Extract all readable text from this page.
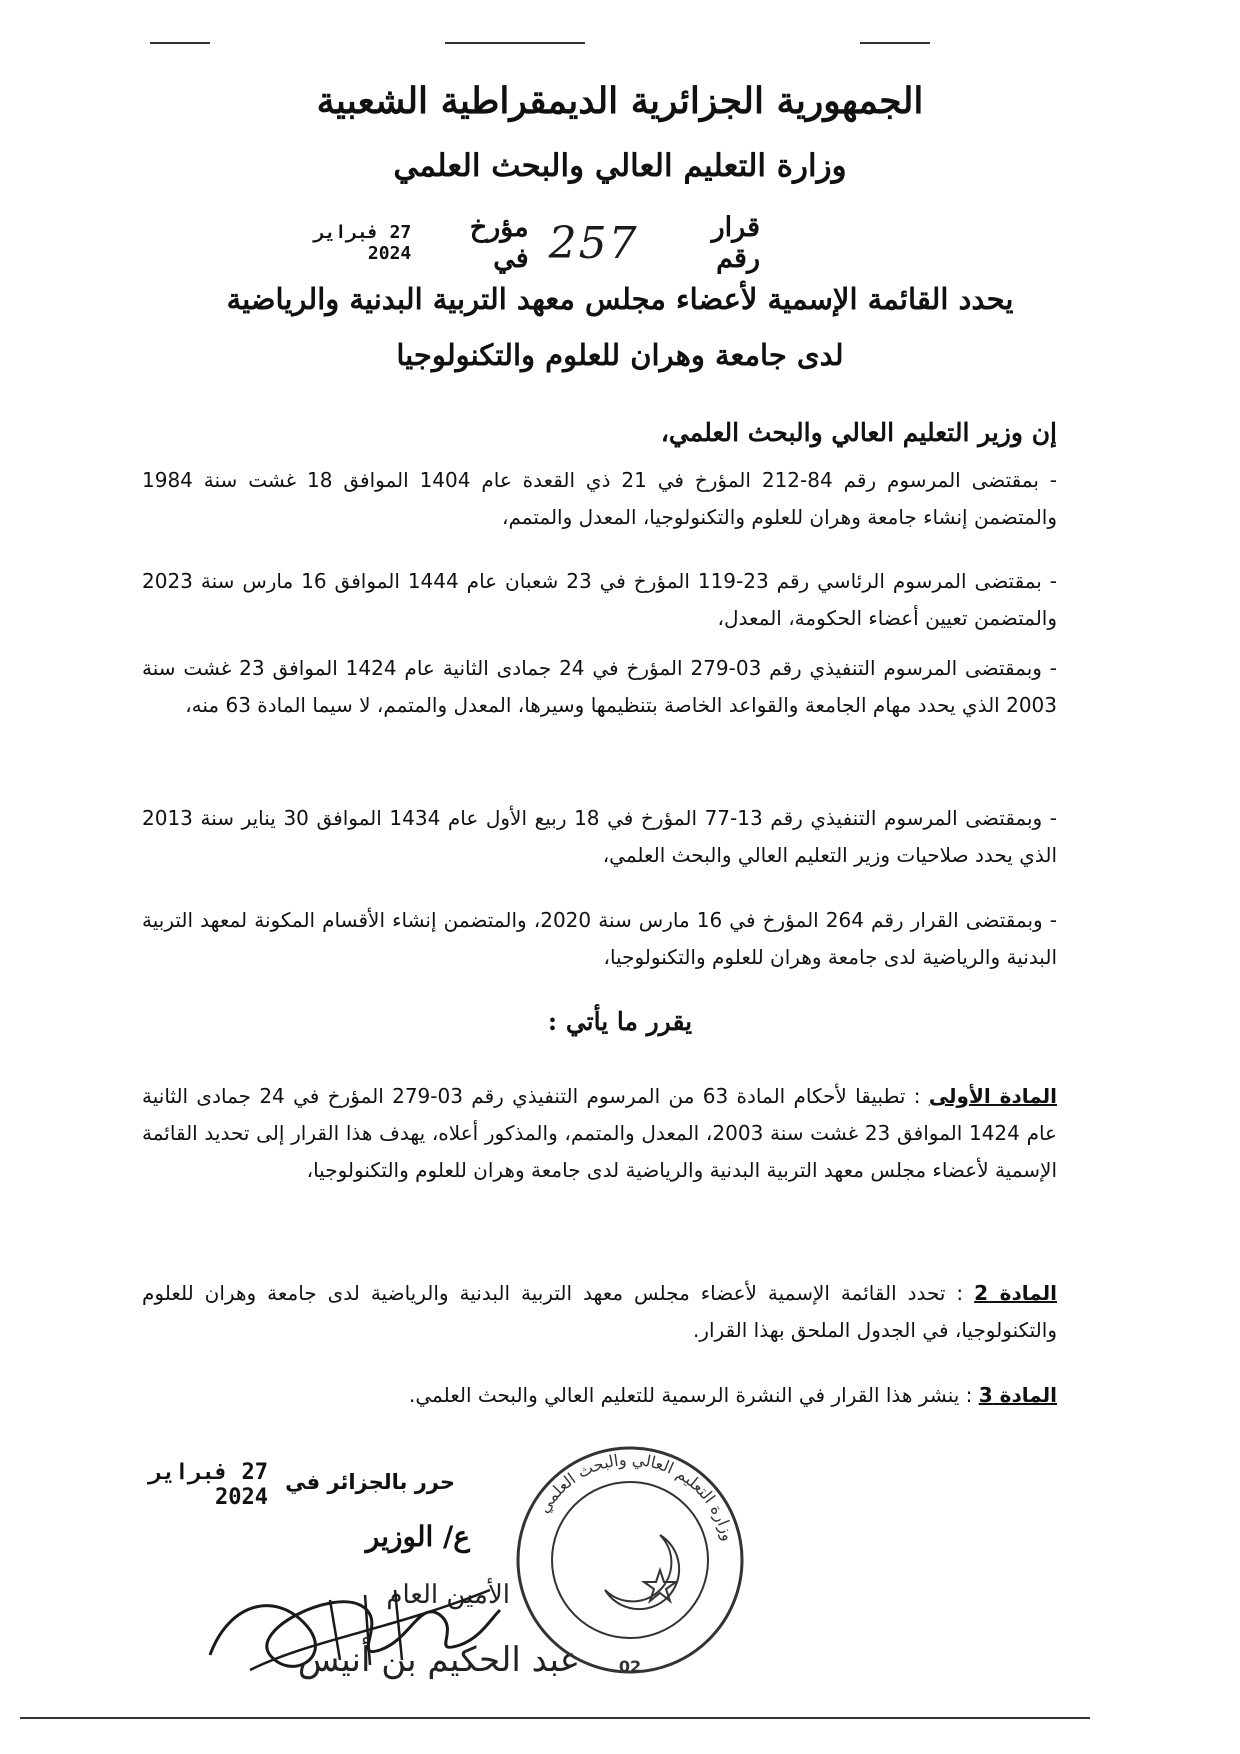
الجمهورية الجزائرية الديمقراطية الشعبية
وزارة التعليم العالي والبحث العلمي
قرار رقم
257
مؤرخ في
27 فبراير 2024
يحدد القائمة الإسمية لأعضاء مجلس معهد التربية البدنية والرياضية
لدى جامعة وهران للعلوم والتكنولوجيا
إن وزير التعليم العالي والبحث العلمي،
- بمقتضى المرسوم رقم 84-212 المؤرخ في 21 ذي القعدة عام 1404 الموافق 18 غشت سنة 1984 والمتضمن إنشاء جامعة وهران للعلوم والتكنولوجيا، المعدل والمتمم،
- بمقتضى المرسوم الرئاسي رقم 23-119 المؤرخ في 23 شعبان عام 1444 الموافق 16 مارس سنة 2023 والمتضمن تعيين أعضاء الحكومة، المعدل،
- وبمقتضى المرسوم التنفيذي رقم 03-279 المؤرخ في 24 جمادى الثانية عام 1424 الموافق 23 غشت سنة 2003 الذي يحدد مهام الجامعة والقواعد الخاصة بتنظيمها وسيرها، المعدل والمتمم، لا سيما المادة 63 منه،
- وبمقتضى المرسوم التنفيذي رقم 13-77 المؤرخ في 18 ربيع الأول عام 1434 الموافق 30 يناير سنة 2013 الذي يحدد صلاحيات وزير التعليم العالي والبحث العلمي،
- وبمقتضى القرار رقم 264 المؤرخ في 16 مارس سنة 2020، والمتضمن إنشاء الأقسام المكونة لمعهد التربية البدنية والرياضية لدى جامعة وهران للعلوم والتكنولوجيا،
يقرر ما يأتي :
المادة الأولى : تطبيقا لأحكام المادة 63 من المرسوم التنفيذي رقم 03-279 المؤرخ في 24 جمادى الثانية عام 1424 الموافق 23 غشت سنة 2003، المعدل والمتمم، والمذكور أعلاه، يهدف هذا القرار إلى تحديد القائمة الإسمية لأعضاء مجلس معهد التربية البدنية والرياضية لدى جامعة وهران للعلوم والتكنولوجيا،
المادة 2 : تحدد القائمة الإسمية لأعضاء مجلس معهد التربية البدنية والرياضية لدى جامعة وهران للعلوم والتكنولوجيا، في الجدول الملحق بهذا القرار.
المادة 3 : ينشر هذا القرار في النشرة الرسمية للتعليم العالي والبحث العلمي.
27 فبراير 2024
حرر بالجزائر في
ع/ الوزير
الأمين العام
عبد الحكيم بن أنيس
وزارة التعليم العالي والبحث العلمي
02
